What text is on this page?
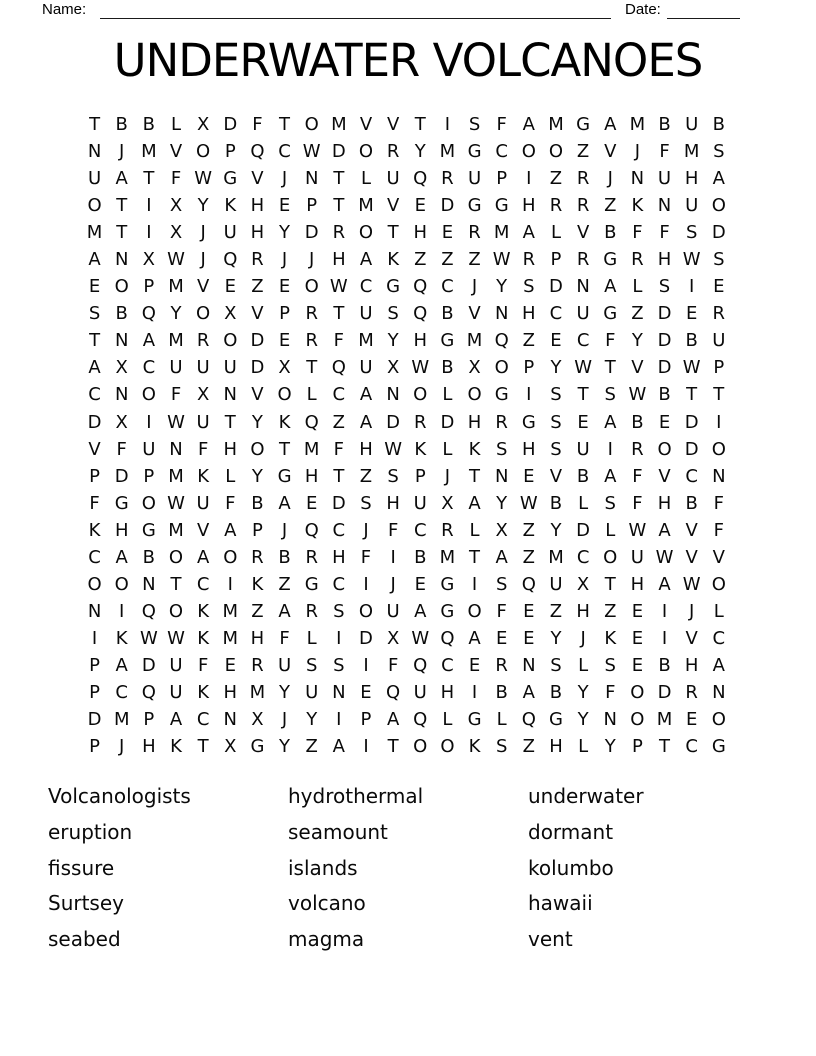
Name:	Date:
UNDERWATER VOLCANOES
T B B L X D F T O M V V T	I	S F A M G A M B U B
N J M V O P Q C W D O R Y M G C O O Z V	J	F M S
U A T F W G V	J N T L U Q R U P	I	Z R	J N U H A
O T	I	X Y K H E P T M V E D G G H R R Z K N U O
M T	I	X	J U H Y D R O T H E R M A L V B F F S D
A N X W J Q R	J	J H A K Z Z Z W R P R G R H W S
E O P M V E Z E O W C G Q C	J	Y S D N A L S	I	E
S B Q Y O X V P R T U S Q B V N H C U G Z D E R
T N A M R O D E R F M Y H G M Q Z E C F Y D B U
A X C U U U D X T Q U X W B X O P Y W T V D W P
C N O F X N V O L C A N O L O G I	S T S W B T T
D X	I W U T Y K Q Z A D R D H R G S E A B E D I
V F U N F H O T M F H W K L K S H S U I	R O D O
P D P M K L Y G H T Z S P	J	T N E V B A F V C N
F G O W U F B A E D S H U X A Y W B L S F H B F
K H G M V A P	J Q C	J	F C R L X Z Y D L W A V F
C A B O A O R B R H F	I	B M T A Z M C O U W V V
O O N T C	I	K Z G C	I	J	E G I	S Q U X T H A W O
N I Q O K M Z A R S O U A G O F E Z H Z E	I	J	L
I	K W W K M H F L	I D X W Q A E E Y	J	K E	I	V C
P A D U F E R U S S	I	F Q C E R N S L S E B H A
P C Q U K H M Y U N E Q U H I	B A B Y F O D R N
D M P A C N X	J	Y	I	P A Q L G L Q G Y N O M E O
P	J H K T X G Y Z A	I	T O O K S Z H L Y P T C G
Volcanologists
eruption
fissure
Surtsey
seabed
hydrothermal
seamount
islands
volcano
magma
underwater
dormant
kolumbo
hawaii
vent
